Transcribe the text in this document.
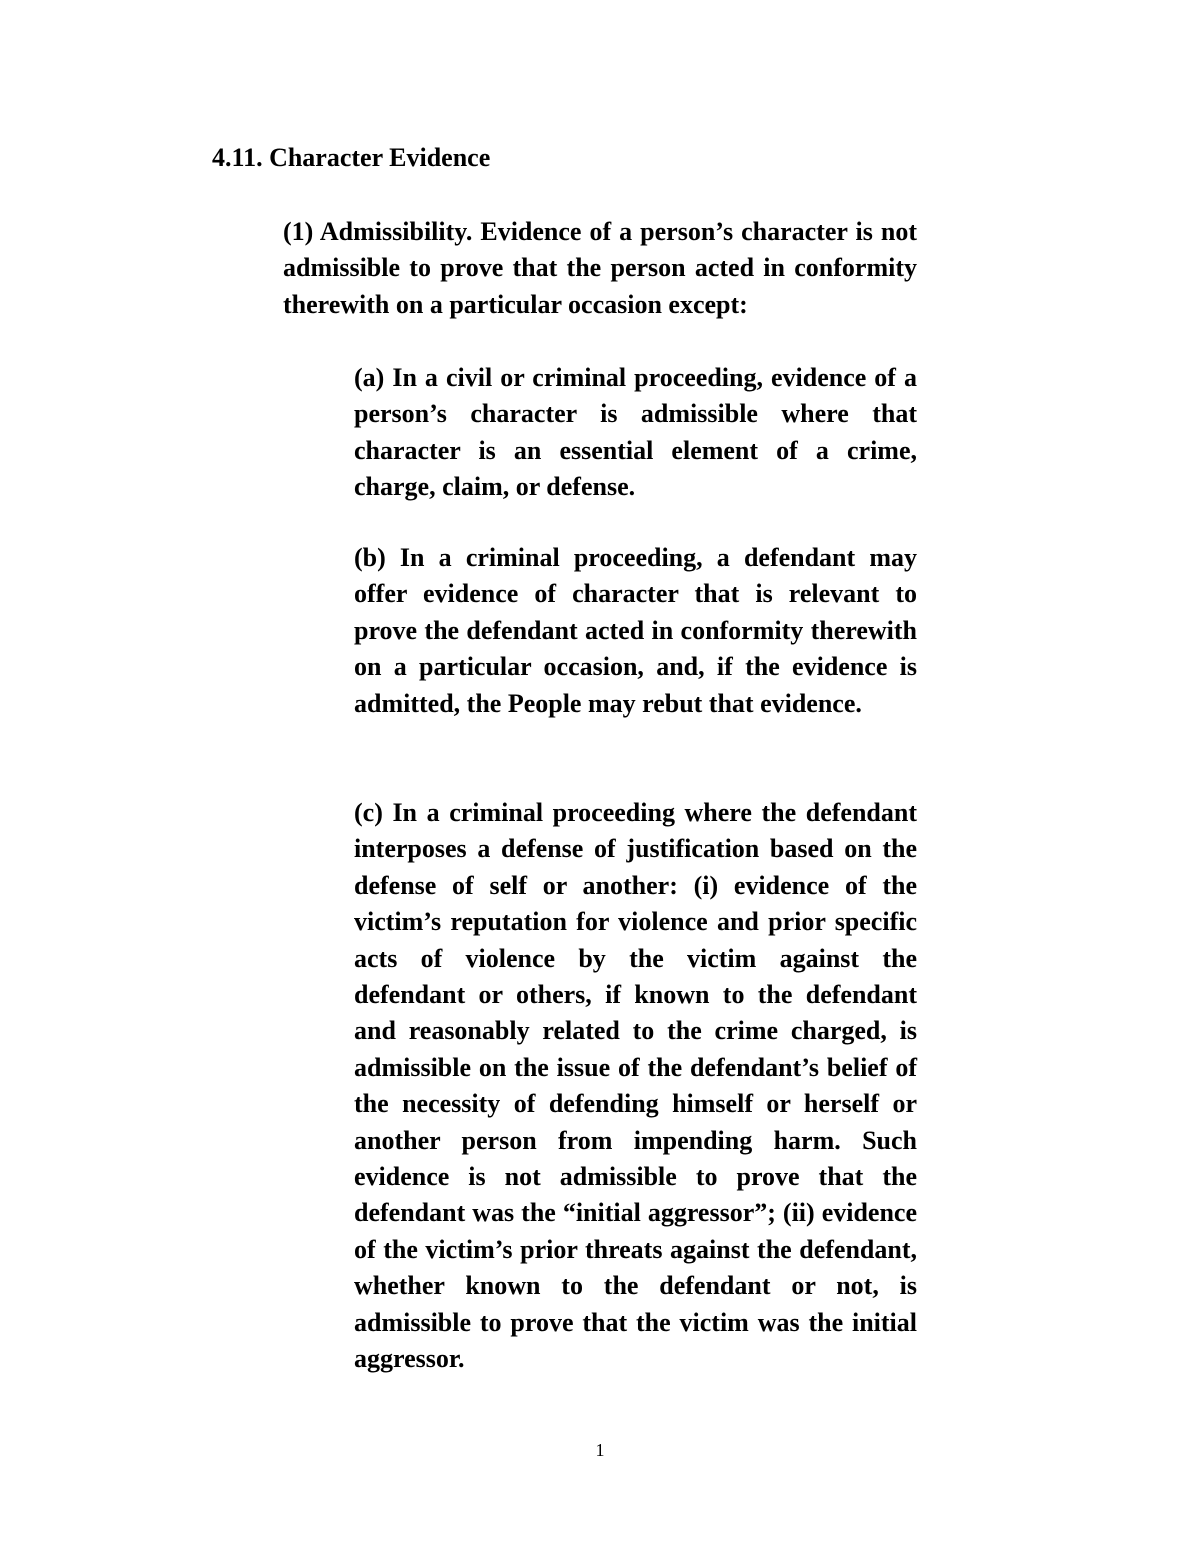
4.11. Character Evidence

(1) Admissibility. Evidence of a person’s character is not admissible to prove that the person acted in conformity therewith on a particular occasion except:

(a) In a civil or criminal proceeding, evidence of a person’s character is admissible where that character is an essential element of a crime, charge, claim, or defense.

(b) In a criminal proceeding, a defendant may offer evidence of character that is relevant to prove the defendant acted in conformity therewith on a particular occasion, and, if the evidence is admitted, the People may rebut that evidence.

(c) In a criminal proceeding where the defendant interposes a defense of justification based on the defense of self or another: (i) evidence of the victim’s reputation for violence and prior specific acts of violence by the victim against the defendant or others, if known to the defendant and reasonably related to the crime charged, is admissible on the issue of the defendant’s belief of the necessity of defending himself or herself or another person from impending harm. Such evidence is not admissible to prove that the defendant was the “initial aggressor”; (ii) evidence of the victim’s prior threats against the defendant, whether known to the defendant or not, is admissible to prove that the victim was the initial aggressor.

1
